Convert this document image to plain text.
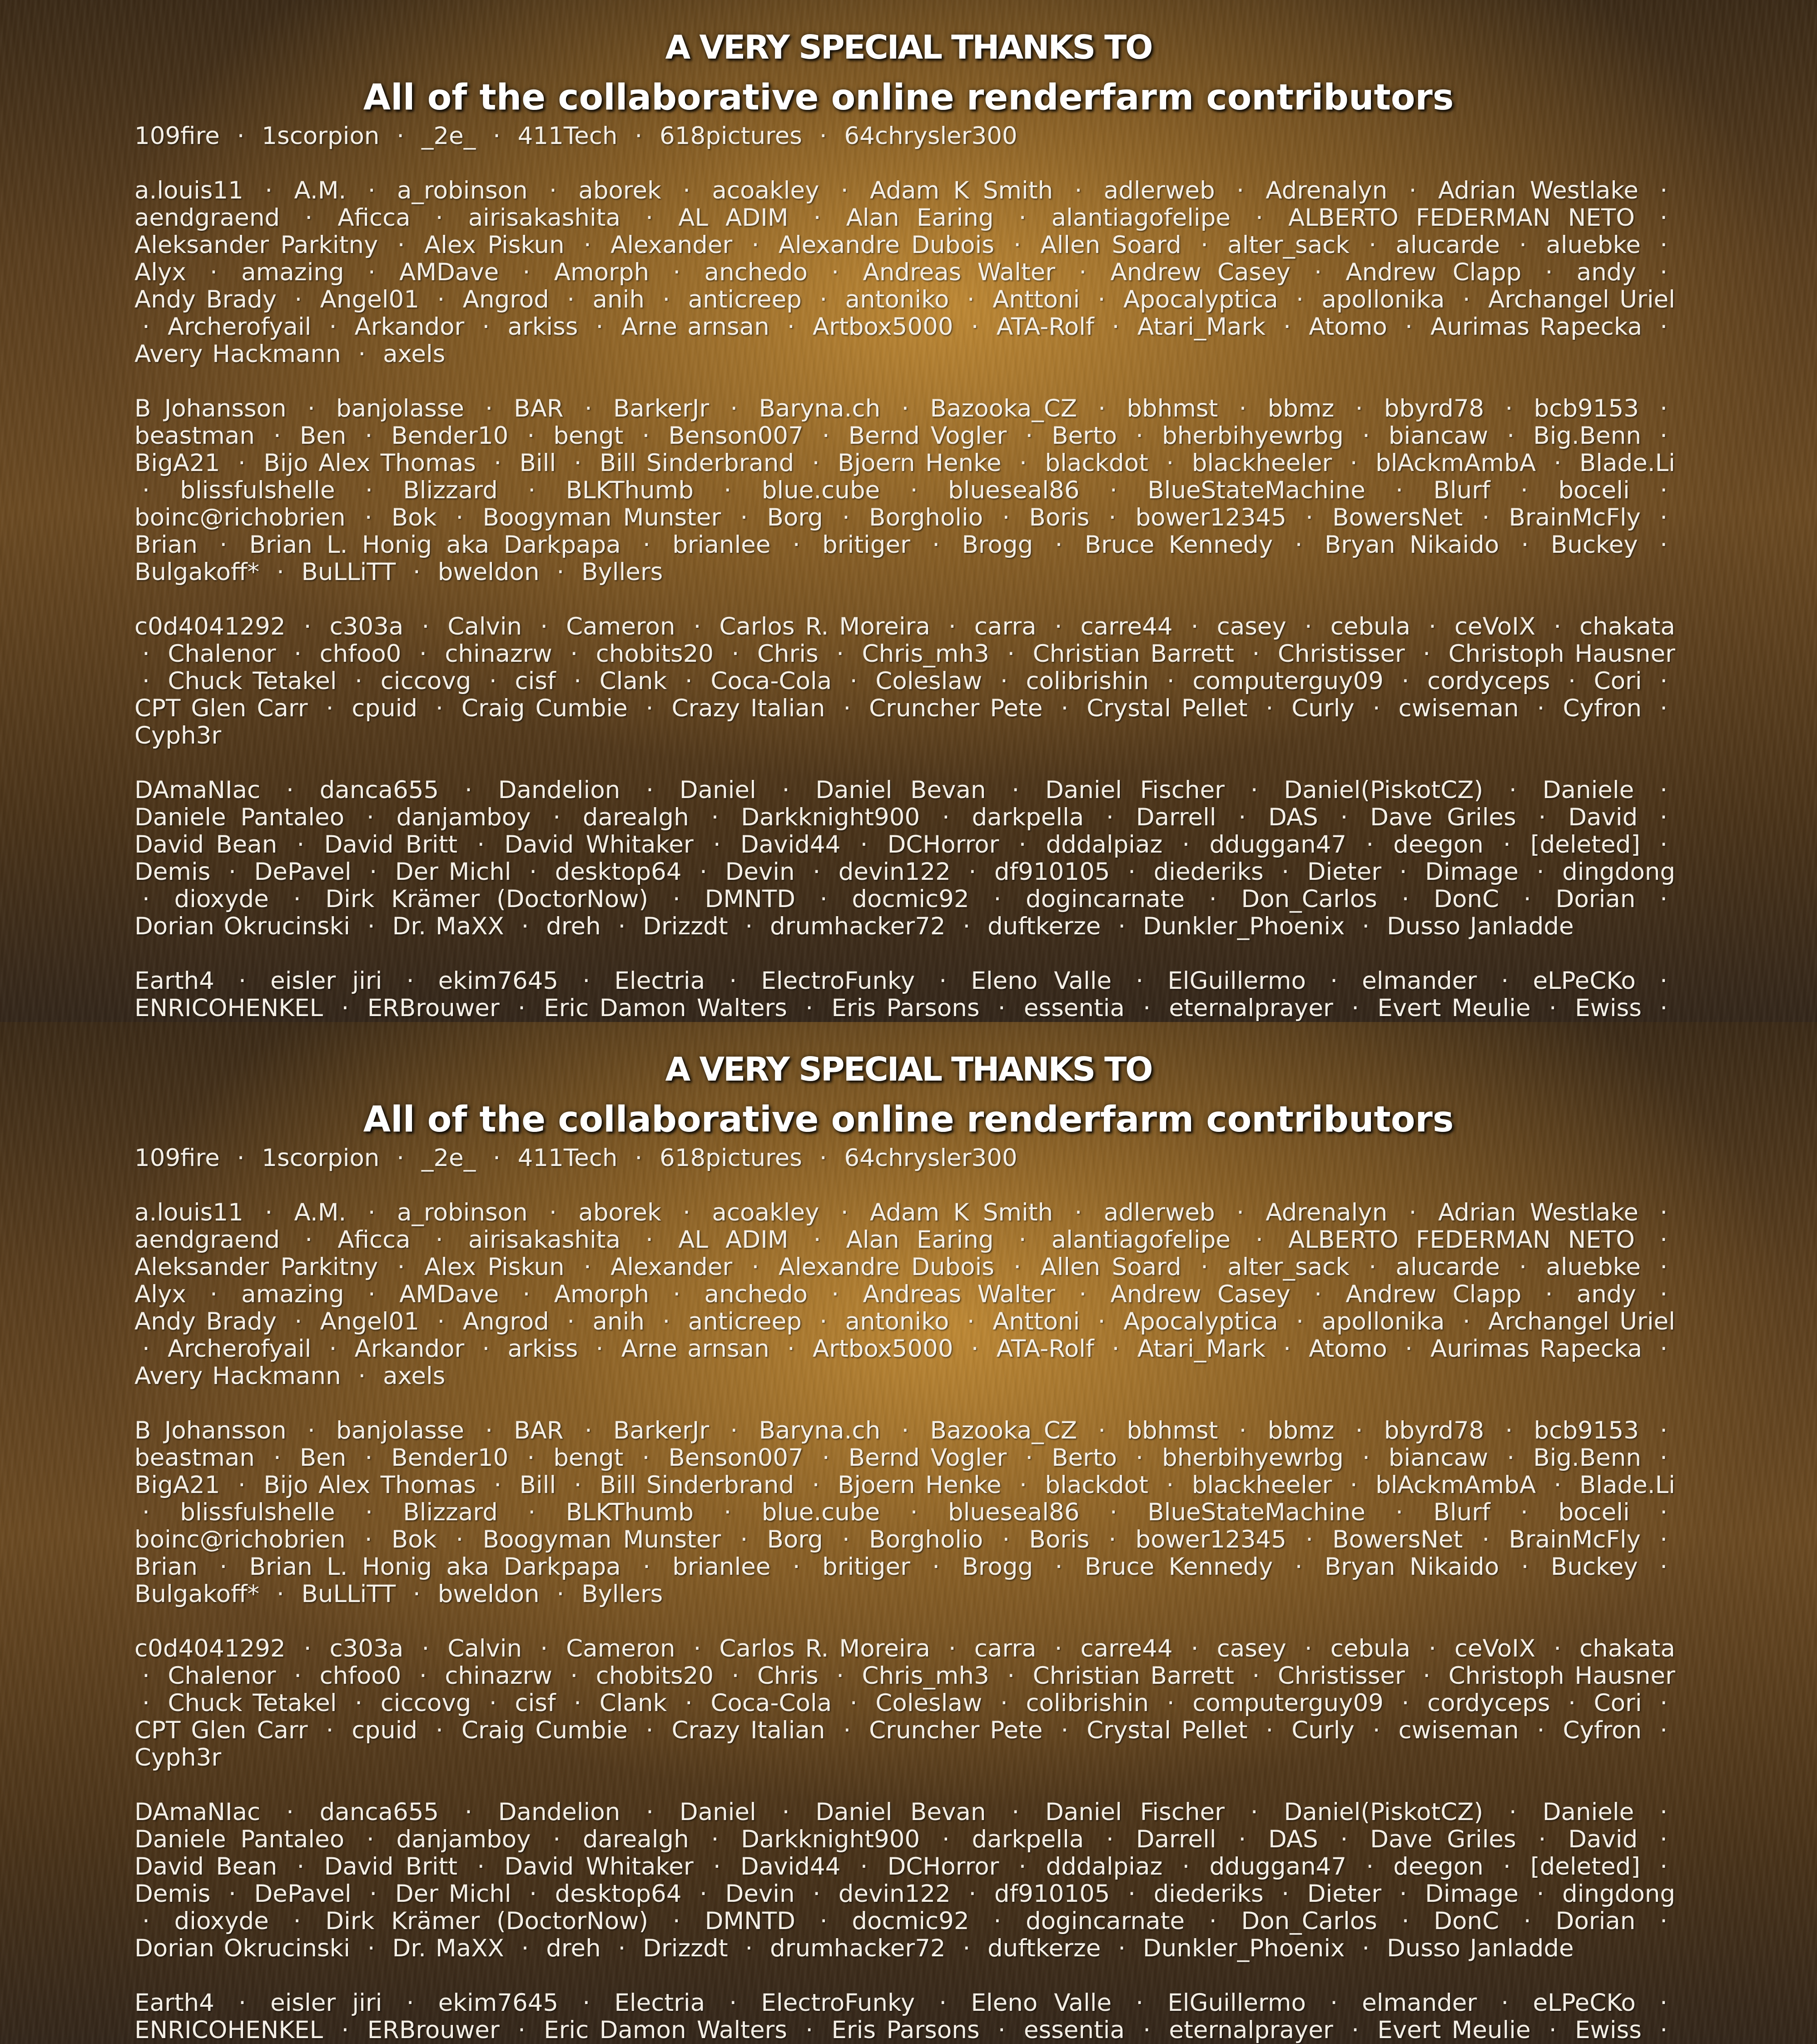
A VERY SPECIAL THANKS TO
All of the collaborative online renderfarm contributors
109fire · 1scorpion · _2e_ · 411Tech · 618pictures · 64chrysler300
a.louis11 · A.M. · a_robinson · aborek · acoakley · Adam K Smith · adlerweb · Adrenalyn · Adrian Westlake · aendgraend · Aficca · airisakashita · AL ADIM · Alan Earing · alantiagofelipe · ALBERTO FEDERMAN NETO · Aleksander Parkitny · Alex Piskun · Alexander · Alexandre Dubois · Allen Soard · alter_sack · alucarde · aluebke · Alyx · amazing · AMDave · Amorph · anchedo · Andreas Walter · Andrew Casey · Andrew Clapp · andy · Andy Brady · Angel01 · Angrod · anih · anticreep · antoniko · Anttoni · Apocalyptica · apollonika · Archangel Uriel · Archerofyail · Arkandor · arkiss · Arne arnsan · Artbox5000 · ATA-Rolf · Atari_Mark · Atomo · Aurimas Rapecka · Avery Hackmann · axels
B Johansson · banjolasse · BAR · BarkerJr · Baryna.ch · Bazooka_CZ · bbhmst · bbmz · bbyrd78 · bcb9153 · beastman · Ben · Bender10 · bengt · Benson007 · Bernd Vogler · Berto · bherbihyewrbg · biancaw · Big.Benn · BigA21 · Bijo Alex Thomas · Bill · Bill Sinderbrand · Bjoern Henke · blackdot · blackheeler · blAckmAmbA · Blade.Li · blissfulshelle · Blizzard · BLKThumb · blue.cube · blueseal86 · BlueStateMachine · Blurf · boceli · boinc@richobrien · Bok · Boogyman Munster · Borg · Borgholio · Boris · bower12345 · BowersNet · BrainMcFly · Brian · Brian L. Honig aka Darkpapa · brianlee · britiger · Brogg · Bruce Kennedy · Bryan Nikaido · Buckey · Bulgakoff* · BuLLiTT · bweldon · Byllers
c0d4041292 · c303a · Calvin · Cameron · Carlos R. Moreira · carra · carre44 · casey · cebula · ceVoIX · chakata · Chalenor · chfoo0 · chinazrw · chobits20 · Chris · Chris_mh3 · Christian Barrett · Christisser · Christoph Hausner · Chuck Tetakel · ciccovg · cisf · Clank · Coca-Cola · Coleslaw · colibrishin · computerguy09 · cordyceps · Cori · CPT Glen Carr · cpuid · Craig Cumbie · Crazy Italian · Cruncher Pete · Crystal Pellet · Curly · cwiseman · Cyfron · Cyph3r
DAmaNIac · danca655 · Dandelion · Daniel · Daniel Bevan · Daniel Fischer · Daniel(PiskotCZ) · Daniele · Daniele Pantaleo · danjamboy · darealgh · Darkknight900 · darkpella · Darrell · DAS · Dave Griles · David · David Bean · David Britt · David Whitaker · David44 · DCHorror · dddalpiaz · dduggan47 · deegon · [deleted] · Demis · DePavel · Der Michl · desktop64 · Devin · devin122 · df910105 · diederiks · Dieter · Dimage · dingdong · dioxyde · Dirk Krämer (DoctorNow) · DMNTD · docmic92 · dogincarnate · Don_Carlos · DonC · Dorian · Dorian Okrucinski · Dr. MaXX · dreh · Drizzdt · drumhacker72 · duftkerze · Dunkler_Phoenix · Dusso Janladde
Earth4 · eisler jiri · ekim7645 · Electria · ElectroFunky · Eleno Valle · ElGuillermo · elmander · eLPeCKo · ENRICOHENKEL · ERBrouwer · Eric Damon Walters · Eris Parsons · essentia · eternalprayer · Evert Meulie · Ewiss ·
A VERY SPECIAL THANKS TO
All of the collaborative online renderfarm contributors
109fire · 1scorpion · _2e_ · 411Tech · 618pictures · 64chrysler300
a.louis11 · A.M. · a_robinson · aborek · acoakley · Adam K Smith · adlerweb · Adrenalyn · Adrian Westlake · aendgraend · Aficca · airisakashita · AL ADIM · Alan Earing · alantiagofelipe · ALBERTO FEDERMAN NETO · Aleksander Parkitny · Alex Piskun · Alexander · Alexandre Dubois · Allen Soard · alter_sack · alucarde · aluebke · Alyx · amazing · AMDave · Amorph · anchedo · Andreas Walter · Andrew Casey · Andrew Clapp · andy · Andy Brady · Angel01 · Angrod · anih · anticreep · antoniko · Anttoni · Apocalyptica · apollonika · Archangel Uriel · Archerofyail · Arkandor · arkiss · Arne arnsan · Artbox5000 · ATA-Rolf · Atari_Mark · Atomo · Aurimas Rapecka · Avery Hackmann · axels
B Johansson · banjolasse · BAR · BarkerJr · Baryna.ch · Bazooka_CZ · bbhmst · bbmz · bbyrd78 · bcb9153 · beastman · Ben · Bender10 · bengt · Benson007 · Bernd Vogler · Berto · bherbihyewrbg · biancaw · Big.Benn · BigA21 · Bijo Alex Thomas · Bill · Bill Sinderbrand · Bjoern Henke · blackdot · blackheeler · blAckmAmbA · Blade.Li · blissfulshelle · Blizzard · BLKThumb · blue.cube · blueseal86 · BlueStateMachine · Blurf · boceli · boinc@richobrien · Bok · Boogyman Munster · Borg · Borgholio · Boris · bower12345 · BowersNet · BrainMcFly · Brian · Brian L. Honig aka Darkpapa · brianlee · britiger · Brogg · Bruce Kennedy · Bryan Nikaido · Buckey · Bulgakoff* · BuLLiTT · bweldon · Byllers
c0d4041292 · c303a · Calvin · Cameron · Carlos R. Moreira · carra · carre44 · casey · cebula · ceVoIX · chakata · Chalenor · chfoo0 · chinazrw · chobits20 · Chris · Chris_mh3 · Christian Barrett · Christisser · Christoph Hausner · Chuck Tetakel · ciccovg · cisf · Clank · Coca-Cola · Coleslaw · colibrishin · computerguy09 · cordyceps · Cori · CPT Glen Carr · cpuid · Craig Cumbie · Crazy Italian · Cruncher Pete · Crystal Pellet · Curly · cwiseman · Cyfron · Cyph3r
DAmaNIac · danca655 · Dandelion · Daniel · Daniel Bevan · Daniel Fischer · Daniel(PiskotCZ) · Daniele · Daniele Pantaleo · danjamboy · darealgh · Darkknight900 · darkpella · Darrell · DAS · Dave Griles · David · David Bean · David Britt · David Whitaker · David44 · DCHorror · dddalpiaz · dduggan47 · deegon · [deleted] · Demis · DePavel · Der Michl · desktop64 · Devin · devin122 · df910105 · diederiks · Dieter · Dimage · dingdong · dioxyde · Dirk Krämer (DoctorNow) · DMNTD · docmic92 · dogincarnate · Don_Carlos · DonC · Dorian · Dorian Okrucinski · Dr. MaXX · dreh · Drizzdt · drumhacker72 · duftkerze · Dunkler_Phoenix · Dusso Janladde
Earth4 · eisler jiri · ekim7645 · Electria · ElectroFunky · Eleno Valle · ElGuillermo · elmander · eLPeCKo · ENRICOHENKEL · ERBrouwer · Eric Damon Walters · Eris Parsons · essentia · eternalprayer · Evert Meulie · Ewiss ·
